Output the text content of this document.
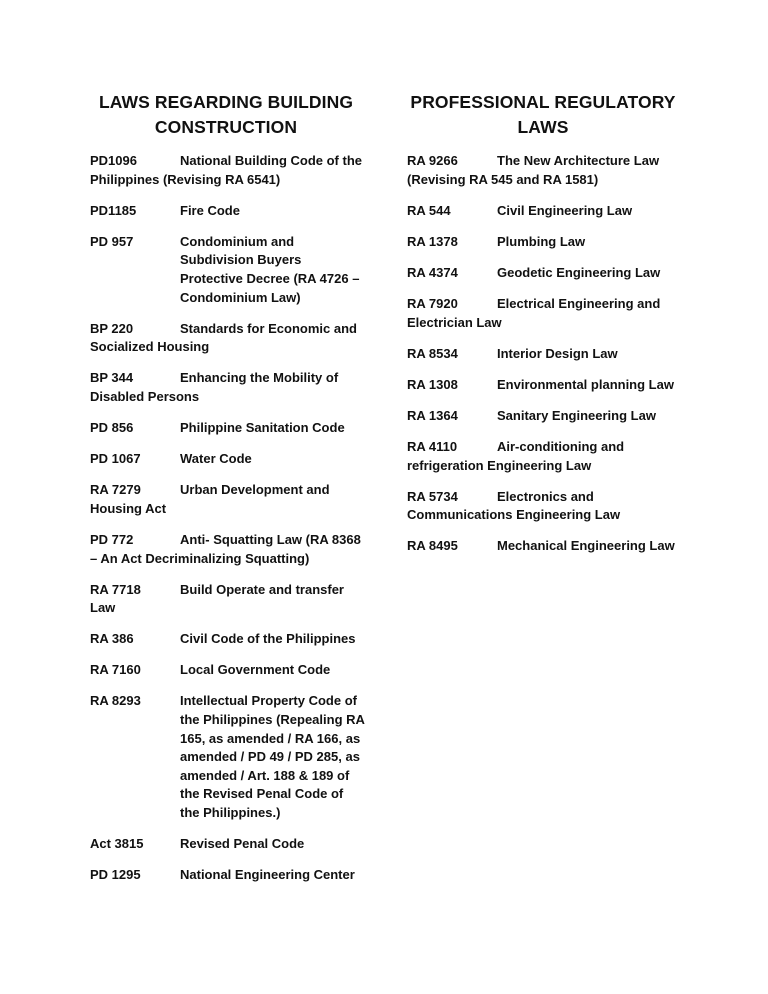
LAWS REGARDING BUILDING
CONSTRUCTION
PD1096	National Building Code of the Philippines (Revising RA 6541)
PD1185	Fire Code
PD 957	Condominium and Subdivision Buyers Protective Decree (RA 4726 – Condominium Law)
BP 220	Standards for Economic and Socialized Housing
BP 344	Enhancing the Mobility of Disabled Persons
PD 856	Philippine Sanitation Code
PD 1067	Water Code
RA 7279	Urban Development and Housing Act
PD 772	Anti- Squatting Law (RA 8368 – An Act Decriminalizing Squatting)
RA 7718	Build Operate and transfer Law
RA 386	Civil Code of the Philippines
RA 7160	Local Government Code
RA 8293	Intellectual Property Code of the Philippines (Repealing RA 165, as amended / RA 166, as amended / PD 49 / PD 285, as amended / Art. 188 & 189 of the Revised Penal Code of the Philippines.)
Act 3815	Revised Penal Code
PD 1295	National Engineering Center
PROFESSIONAL REGULATORY
LAWS
RA 9266	The New Architecture Law (Revising RA 545 and RA 1581)
RA 544	Civil Engineering Law
RA 1378	Plumbing Law
RA 4374	Geodetic Engineering Law
RA 7920	Electrical Engineering and Electrician Law
RA 8534	Interior Design Law
RA 1308	Environmental planning Law
RA 1364	Sanitary Engineering Law
RA 4110	Air-conditioning and refrigeration Engineering Law
RA 5734	Electronics and Communications Engineering Law
RA 8495	Mechanical Engineering Law
